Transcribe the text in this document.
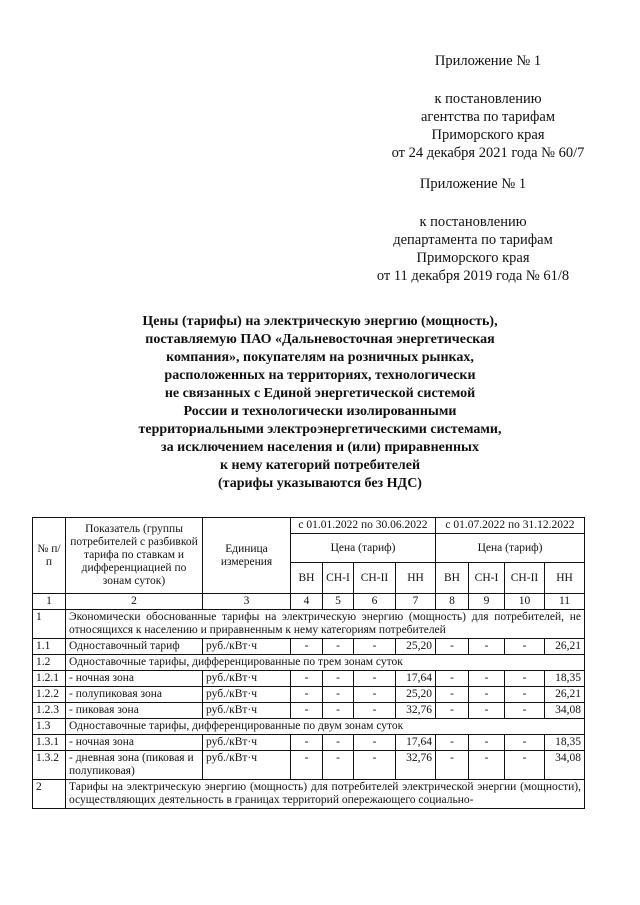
Приложение № 1
к постановлению
агентства по тарифам
Приморского края
от 24 декабря 2021 года № 60/7
Приложение № 1
к постановлению
департамента по тарифам
Приморского края
от 11 декабря 2019 года № 61/8
Цены (тарифы) на электрическую энергию (мощность),
поставляемую ПАО «Дальневосточная энергетическая
компания», покупателям на розничных рынках,
расположенных на территориях, технологически
не связанных с Единой энергетической системой
России и технологически изолированными
территориальными электроэнергетическими системами,
за исключением населения и (или) приравненных
к нему категорий потребителей
(тарифы указываются без НДС)
№ п/п	Показатель (группы потребителей с разбивкой тарифа по ставкам и дифференциацией по зонам суток)	Единица измерения	с 01.01.2022 по 30.06.2022				с 01.07.2022 по 31.12.2022			
			Цена (тариф)				Цена (тариф)			
			ВН	СН-I	СН-II	НН	ВН	СН-I	СН-II	НН
1	2	3	4	5	6	7	8	9	10	11
1	Экономически обоснованные тарифы на электрическую энергию (мощность) для потребителей, не относящихся к населению и приравненным к нему категориям потребителей									
1.1	Одноставочный тариф	руб./кВт·ч	-	-	-	25,20	-	-	-	26,21
1.2	Одноставочные тарифы, дифференцированные по трем зонам суток									
1.2.1	- ночная зона	руб./кВт·ч	-	-	-	17,64	-	-	-	18,35
1.2.2	- полупиковая зона	руб./кВт·ч	-	-	-	25,20	-	-	-	26,21
1.2.3	- пиковая зона	руб./кВт·ч	-	-	-	32,76	-	-	-	34,08
1.3	Одноставочные тарифы, дифференцированные по двум зонам суток									
1.3.1	- ночная зона	руб./кВт·ч	-	-	-	17,64	-	-	-	18,35
1.3.2	- дневная зона (пиковая и полупиковая)	руб./кВт·ч	-	-	-	32,76	-	-	-	34,08
2	Тарифы на электрическую энергию (мощность) для потребителей электрической энергии (мощности), осуществляющих деятельность в границах территорий опережающего социально-									
